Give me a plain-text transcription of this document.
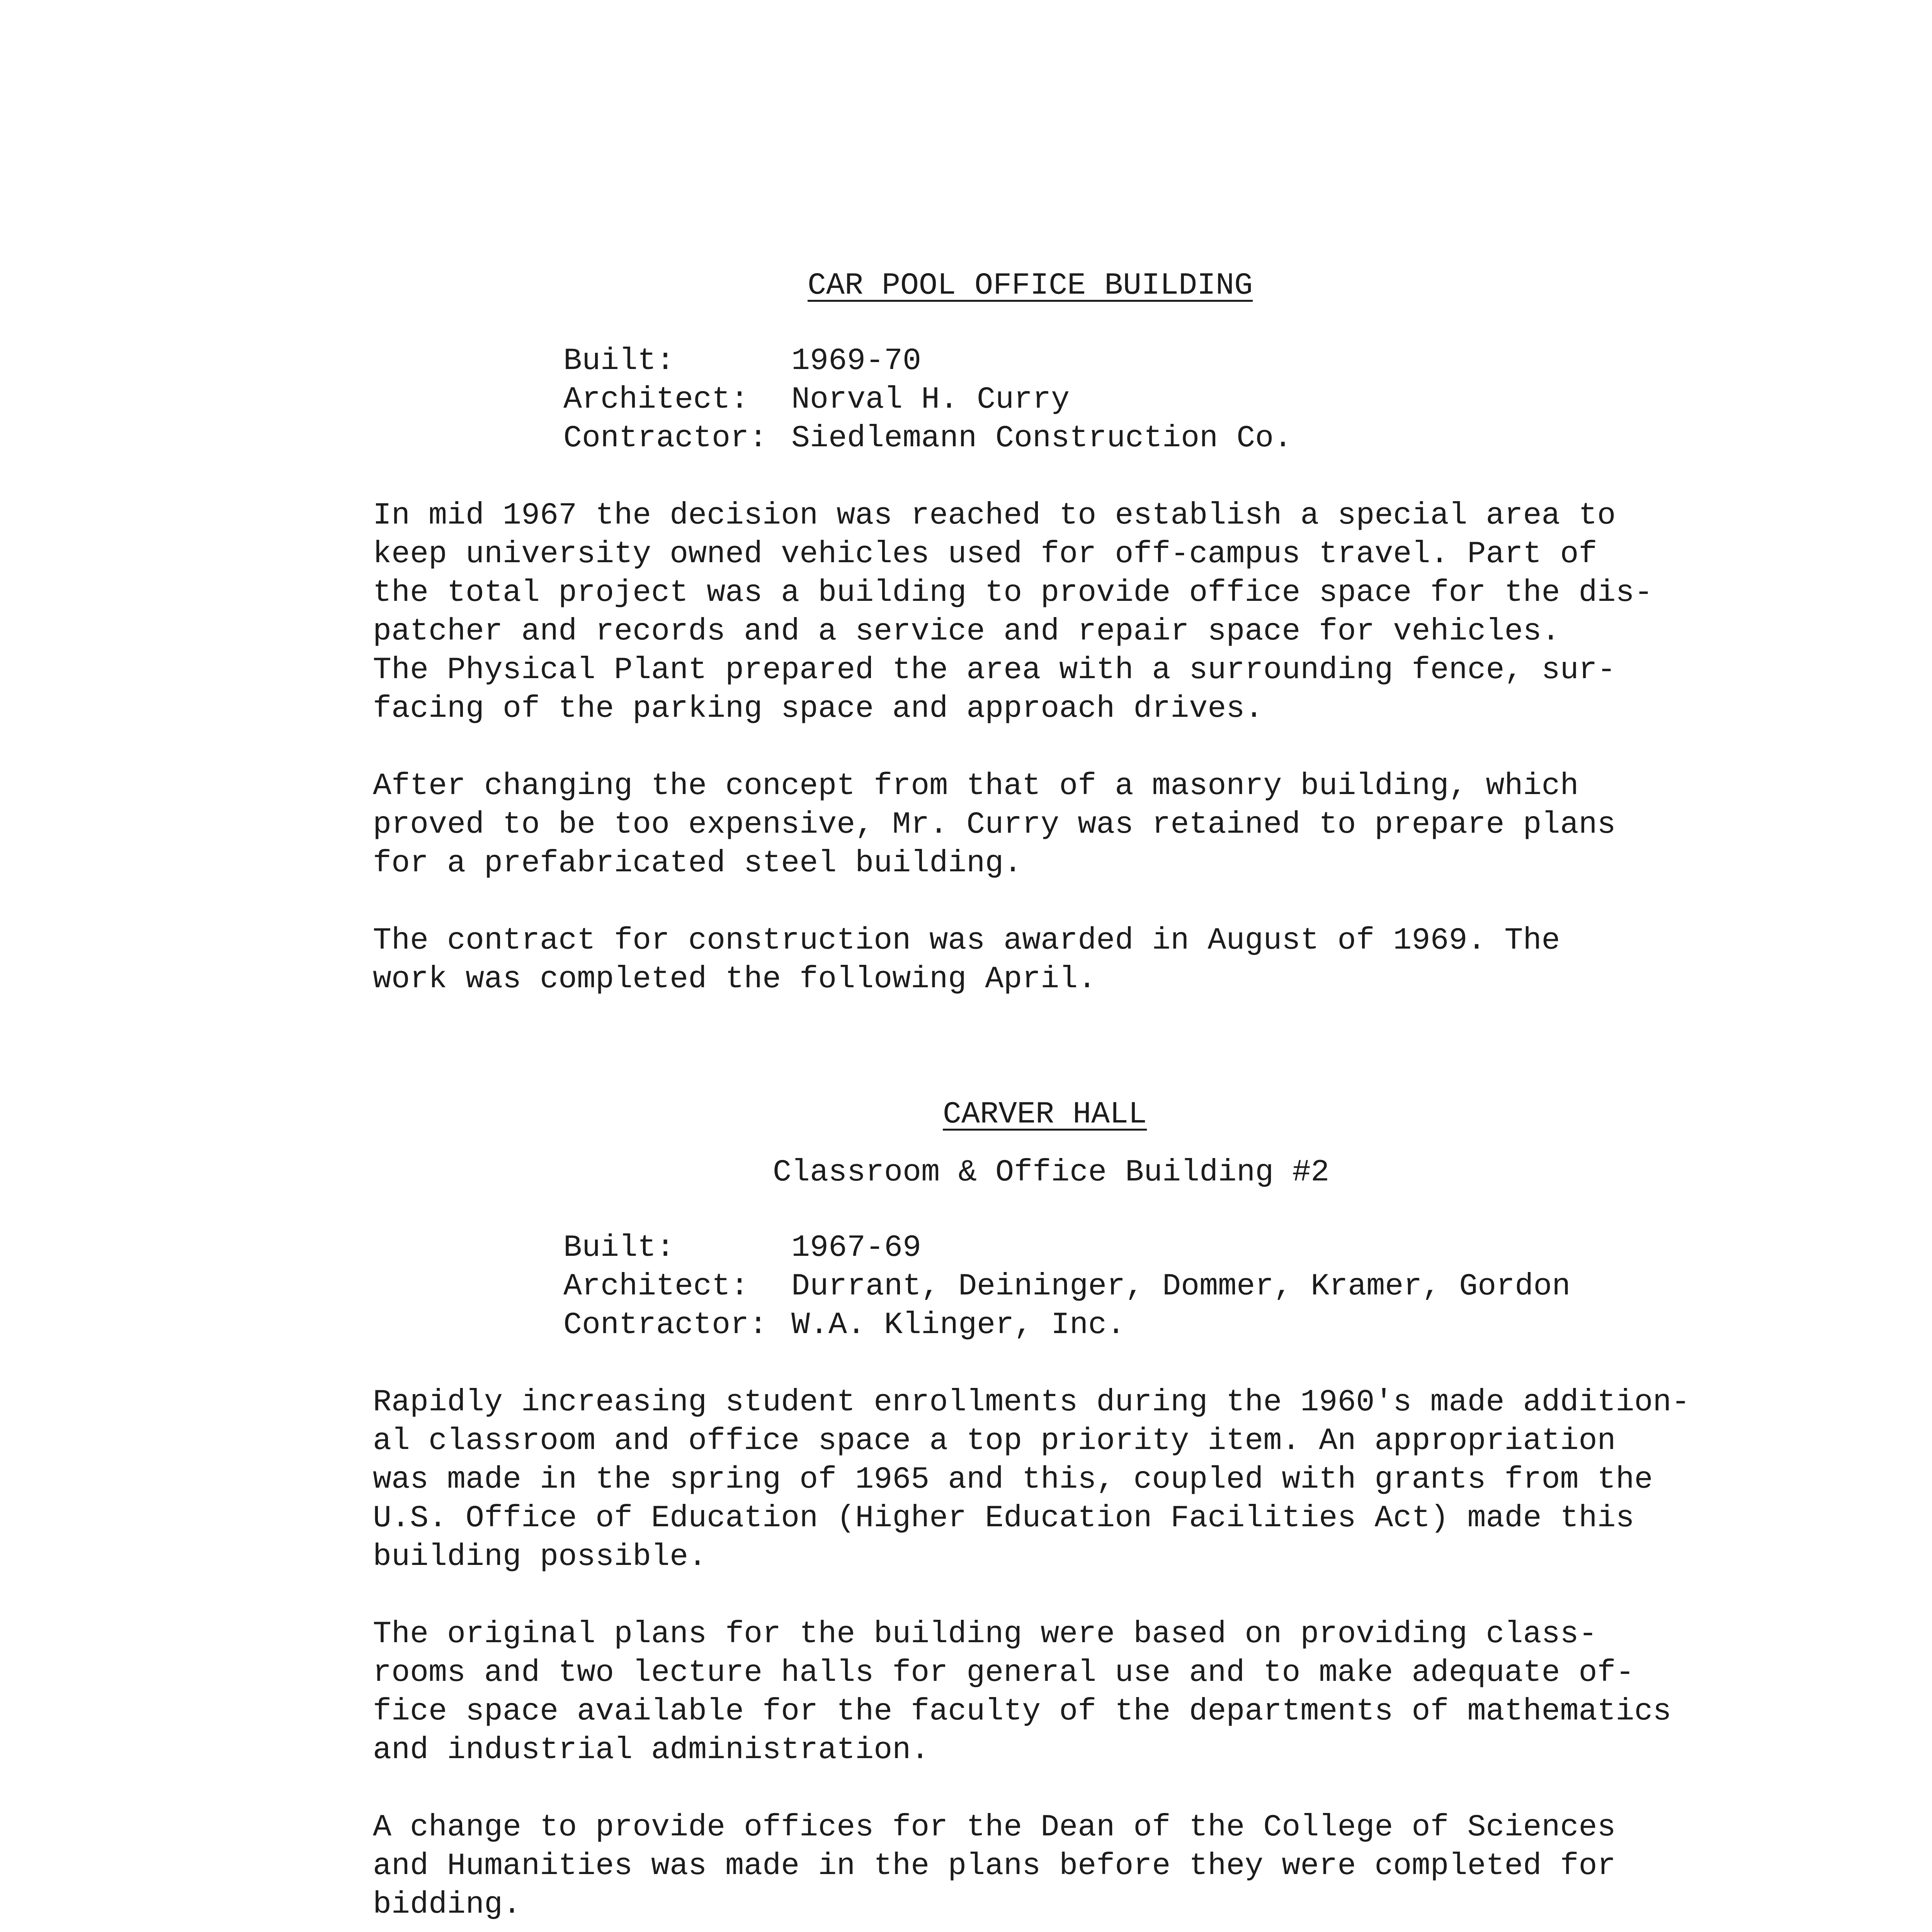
CAR POOL OFFICE BUILDING
Built:	1969-70
Architect: Norval H. Curry
Contractor: Siedlemann Construction Co.
In mid 1967 the decision was reached to establish a special area to
keep university owned vehicles used for off-campus travel. Part of
the total project was a building to provide office space for the dis-
patcher and records and a service and repair space for vehicles.
The Physical Plant prepared the area with a surrounding fence, sur-
facing of the parking space and approach drives.
After changing the concept from that of a masonry building, which
proved to be too expensive, Mr. Curry was retained to prepare plans
for a prefabricated steel building.
The contract for construction was awarded in August of 1969. The
work was completed the following April.
CARVER HALL
Classroom & Office Building #2
Built:	1967-69
Architect: Durrant, Deininger, Dommer, Kramer, Gordon
Contractor: W.A. Klinger, Inc.
Rapidly increasing student enrollments during the 1960's made addition-
al classroom and office space a top priority item. An appropriation
was made in the spring of 1965 and this, coupled with grants from the
U.S. Office of Education (Higher Education Facilities Act) made this
building possible.
The original plans for the building were based on providing class-
rooms and two lecture halls for general use and to make adequate of-
fice space available for the faculty of the departments of mathematics
and industrial administration.
A change to provide offices for the Dean of the College of Sciences
and Humanities was made in the plans before they were completed for
bidding.
